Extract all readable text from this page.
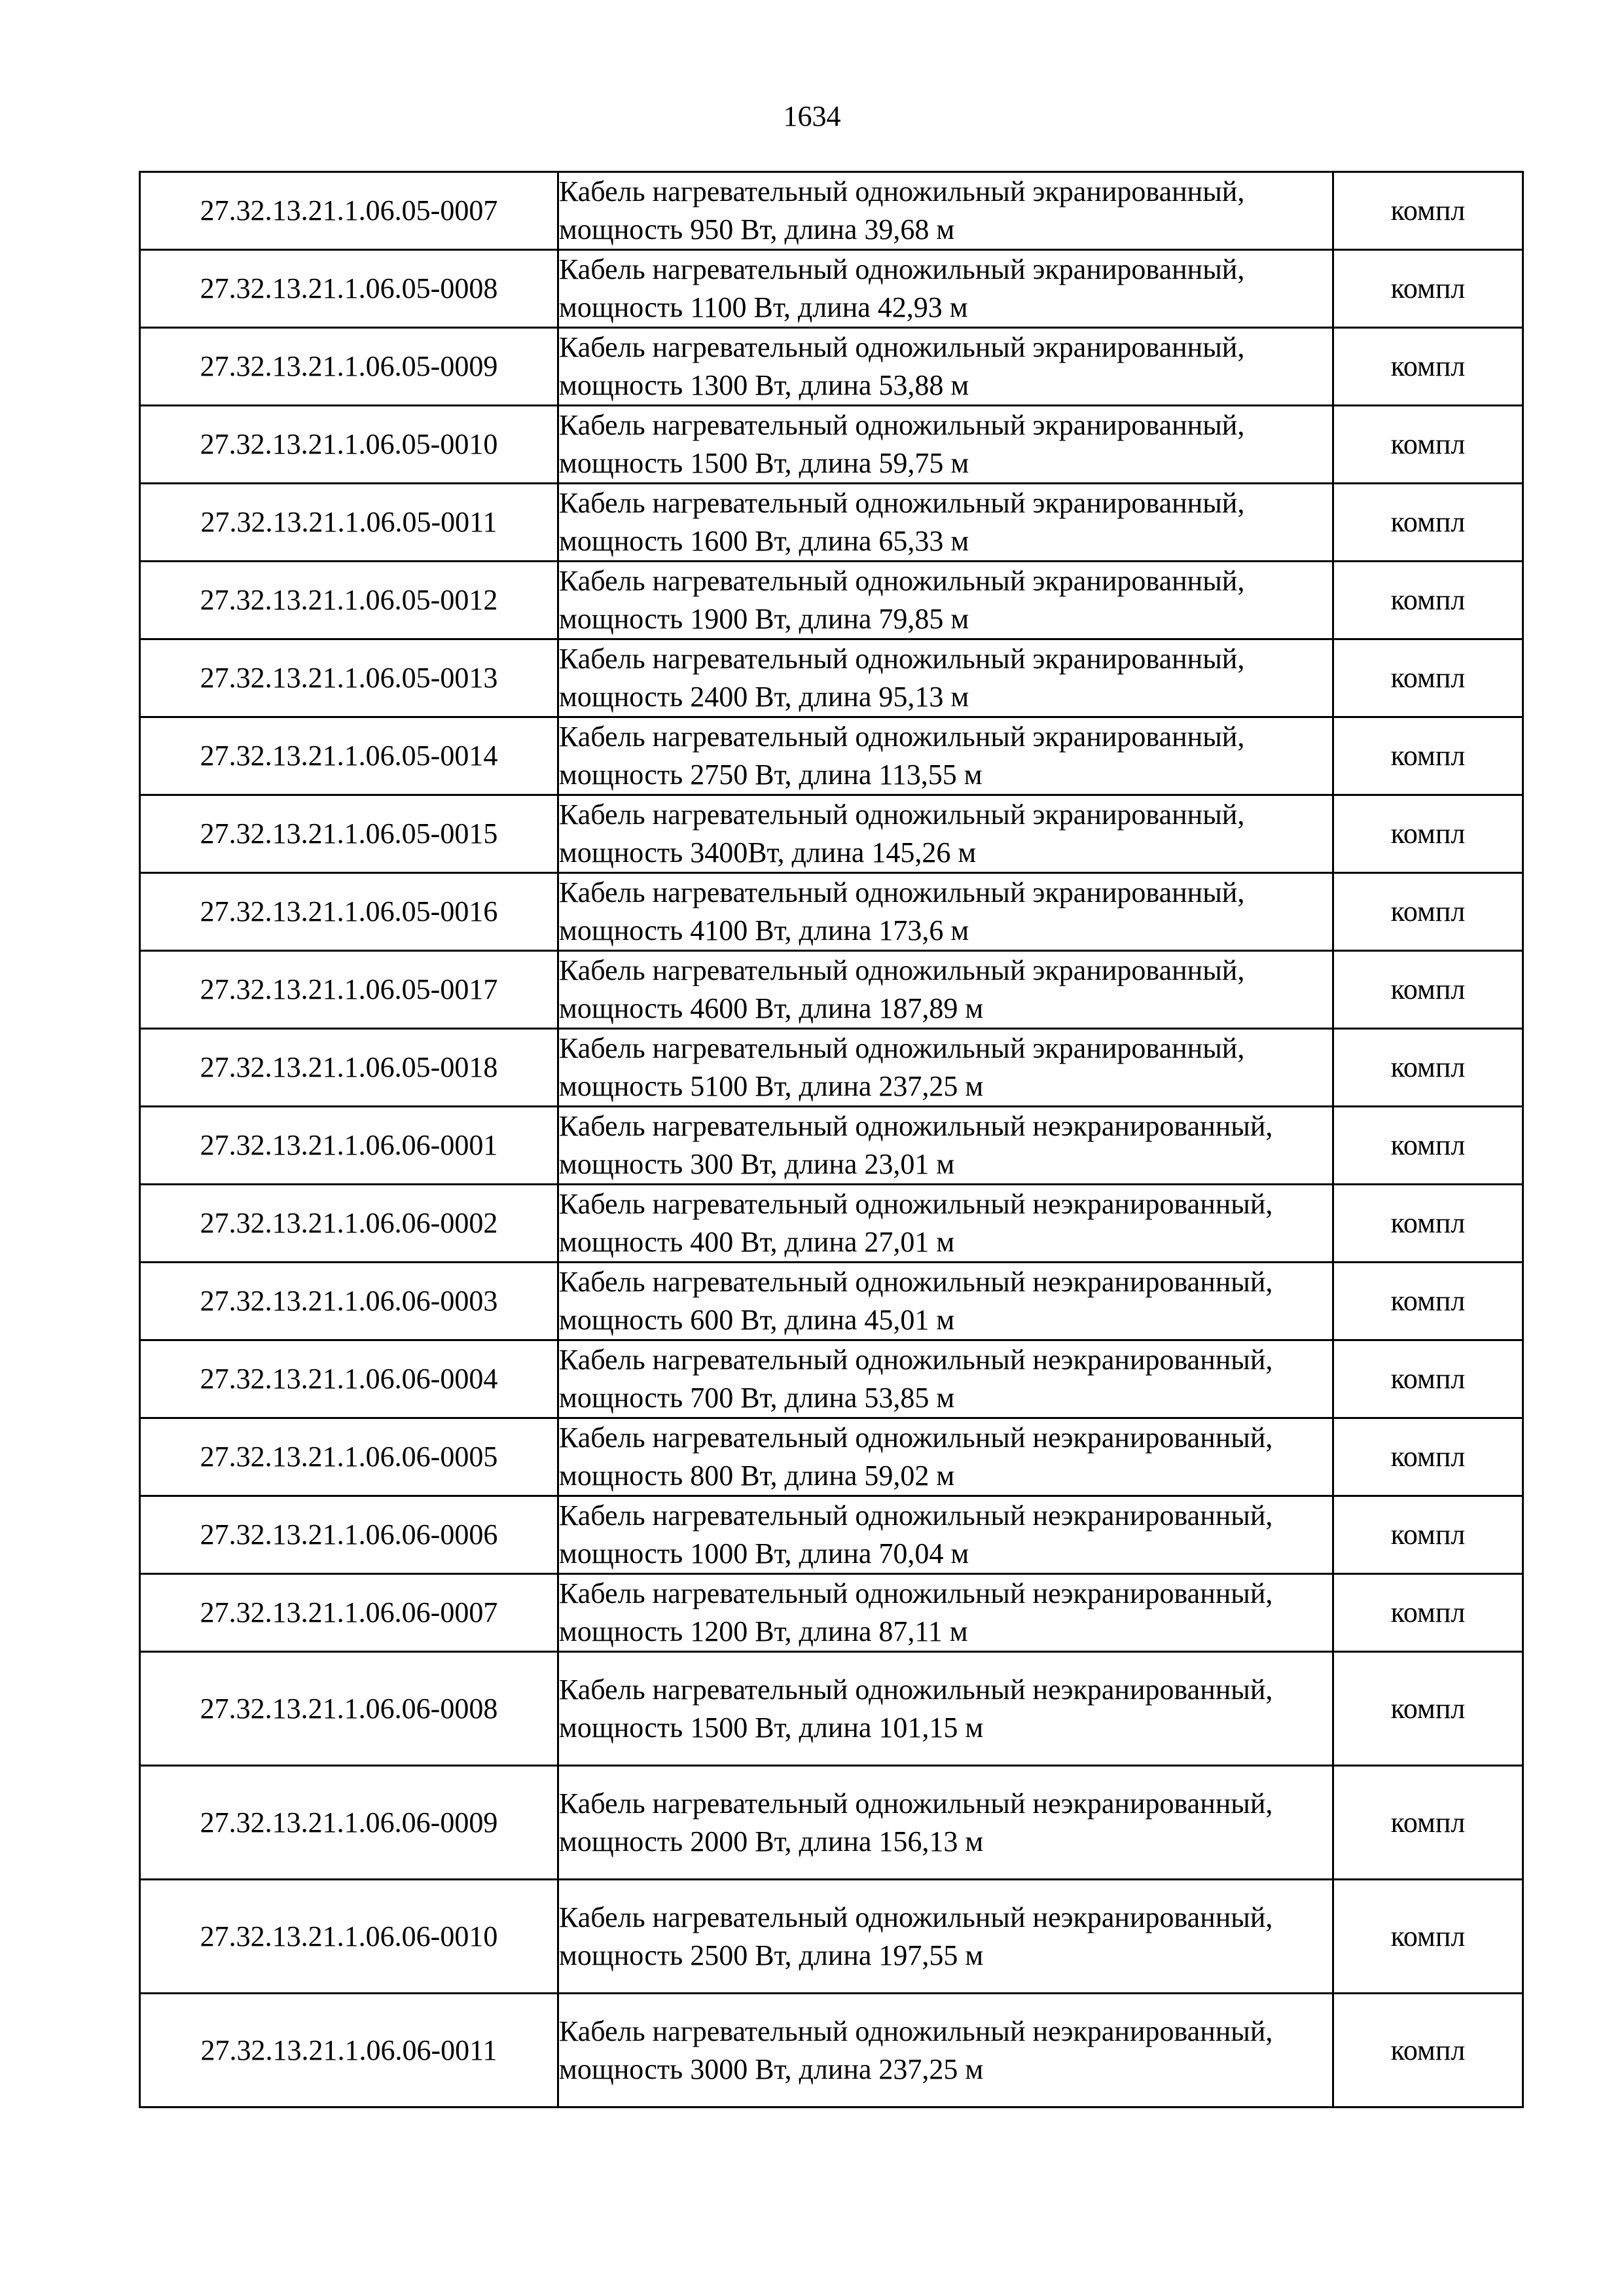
1634
27.32.13.21.1.06.05-0007	Кабель нагревательный одножильный экранированный, мощность 950 Вт, длина 39,68 м	компл
27.32.13.21.1.06.05-0008	Кабель нагревательный одножильный экранированный, мощность 1100 Вт, длина 42,93 м	компл
27.32.13.21.1.06.05-0009	Кабель нагревательный одножильный экранированный, мощность 1300 Вт, длина 53,88 м	компл
27.32.13.21.1.06.05-0010	Кабель нагревательный одножильный экранированный, мощность 1500 Вт, длина 59,75 м	компл
27.32.13.21.1.06.05-0011	Кабель нагревательный одножильный экранированный, мощность 1600 Вт, длина 65,33 м	компл
27.32.13.21.1.06.05-0012	Кабель нагревательный одножильный экранированный, мощность 1900 Вт, длина 79,85 м	компл
27.32.13.21.1.06.05-0013	Кабель нагревательный одножильный экранированный, мощность 2400 Вт, длина 95,13 м	компл
27.32.13.21.1.06.05-0014	Кабель нагревательный одножильный экранированный, мощность 2750 Вт, длина 113,55 м	компл
27.32.13.21.1.06.05-0015	Кабель нагревательный одножильный экранированный, мощность 3400Вт, длина 145,26 м	компл
27.32.13.21.1.06.05-0016	Кабель нагревательный одножильный экранированный, мощность 4100 Вт, длина 173,6 м	компл
27.32.13.21.1.06.05-0017	Кабель нагревательный одножильный экранированный, мощность 4600 Вт, длина 187,89 м	компл
27.32.13.21.1.06.05-0018	Кабель нагревательный одножильный экранированный, мощность 5100 Вт, длина 237,25 м	компл
27.32.13.21.1.06.06-0001	Кабель нагревательный одножильный неэкранированный, мощность 300 Вт, длина 23,01 м	компл
27.32.13.21.1.06.06-0002	Кабель нагревательный одножильный неэкранированный, мощность 400 Вт, длина 27,01 м	компл
27.32.13.21.1.06.06-0003	Кабель нагревательный одножильный неэкранированный, мощность 600 Вт, длина 45,01 м	компл
27.32.13.21.1.06.06-0004	Кабель нагревательный одножильный неэкранированный, мощность 700 Вт, длина 53,85 м	компл
27.32.13.21.1.06.06-0005	Кабель нагревательный одножильный неэкранированный, мощность 800 Вт, длина 59,02 м	компл
27.32.13.21.1.06.06-0006	Кабель нагревательный одножильный неэкранированный, мощность 1000 Вт, длина 70,04 м	компл
27.32.13.21.1.06.06-0007	Кабель нагревательный одножильный неэкранированный, мощность 1200 Вт, длина 87,11 м	компл
27.32.13.21.1.06.06-0008	Кабель нагревательный одножильный неэкранированный, мощность 1500 Вт, длина 101,15 м	компл
27.32.13.21.1.06.06-0009	Кабель нагревательный одножильный неэкранированный, мощность 2000 Вт, длина 156,13 м	компл
27.32.13.21.1.06.06-0010	Кабель нагревательный одножильный неэкранированный, мощность 2500 Вт, длина 197,55 м	компл
27.32.13.21.1.06.06-0011	Кабель нагревательный одножильный неэкранированный, мощность 3000 Вт, длина 237,25 м	компл
